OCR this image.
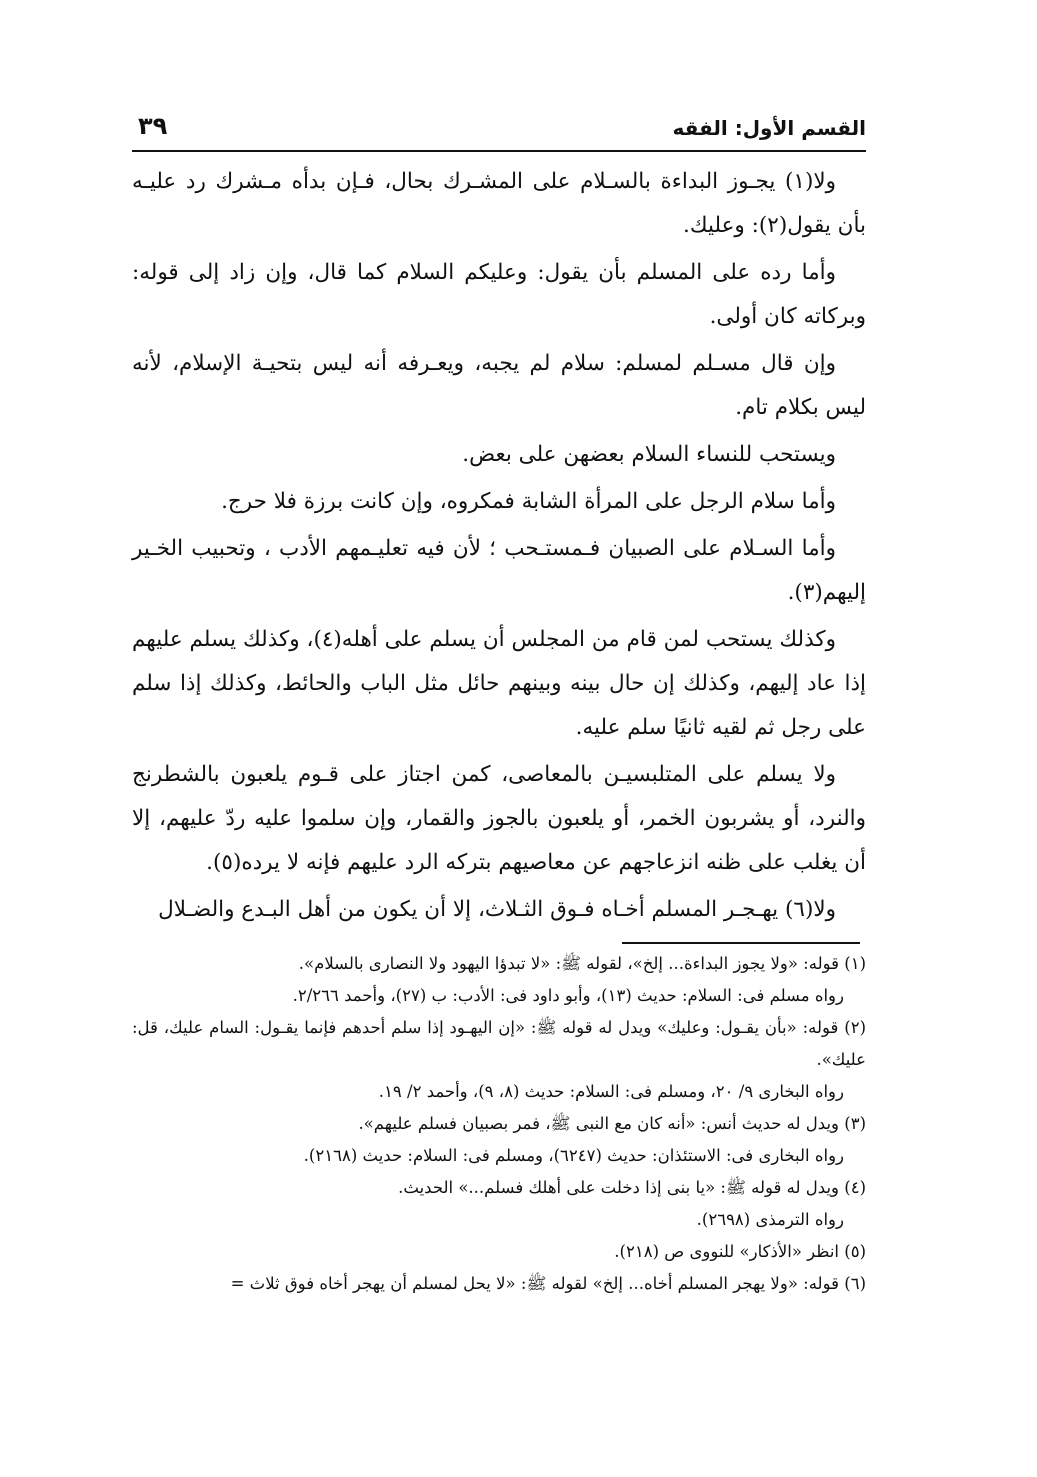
القسم الأول: الفقه
٣٩

ولا(١) يجـوز البداءة بالسـلام على المشـرك بحال، فـإن بدأه مـشرك رد عليـه بأن يقول(٢): وعليك.

وأما رده على المسلم بأن يقول: وعليكم السلام كما قال، وإن زاد إلى قوله: وبركاته كان أولى.

وإن قال مسـلم لمسلم: سلام لم يجبه، ويعـرفه أنه ليس بتحيـة الإسلام، لأنه ليس بكلام تام.

ويستحب للنساء السلام بعضهن على بعض.

وأما سلام الرجل على المرأة الشابة فمكروه، وإن كانت برزة فلا حرج.

وأما السـلام على الصبيان فـمستـحب ؛ لأن فيه تعليـمهم الأدب ، وتحبيب الخـير إليهم(٣).

وكذلك يستحب لمن قام من المجلس أن يسلم على أهله(٤)، وكذلك يسلم عليهم إذا عاد إليهم، وكذلك إن حال بينه وبينهم حائل مثل الباب والحائط، وكذلك إذا سلم على رجل ثم لقيه ثانيًا سلم عليه.

ولا يسلم على المتلبسيـن بالمعاصى، كمن اجتاز على قـوم يلعبون بالشطرنج والنرد، أو يشربون الخمر، أو يلعبون بالجوز والقمار، وإن سلموا عليه ردّ عليهم، إلا أن يغلب على ظنه انزعاجهم عن معاصيهم بتركه الرد عليهم فإنه لا يرده(٥).

ولا(٦) يهـجـر المسلم أخـاه فـوق الثـلاث، إلا أن يكون من أهل البـدع والضـلال

(١) قوله: «ولا يجوز البداءة... إلخ»، لقوله ﷺ: «لا تبدؤا اليهود ولا النصارى بالسلام».

رواه مسلم فى: السلام: حديث (١٣)، وأبو داود فى: الأدب: ب (٢٧)، وأحمد ٢/٢٦٦.

(٢) قوله: «بأن يقـول: وعليك» ويدل له قوله ﷺ: «إن اليهـود إذا سلم أحدهم فإنما يقـول: السام عليك، قل: عليك».

رواه البخارى ٩/ ٢٠، ومسلم فى: السلام: حديث (٨، ٩)، وأحمد ٢/ ١٩.

(٣) ويدل له حديث أنس: «أنه كان مع النبى ﷺ، فمر بصبيان فسلم عليهم».

رواه البخارى فى: الاستئذان: حديث (٦٢٤٧)، ومسلم فى: السلام: حديث (٢١٦٨).

(٤) ويدل له قوله ﷺ: «يا بنى إذا دخلت على أهلك فسلم...» الحديث.

رواه الترمذى (٢٦٩٨).

(٥) انظر «الأذكار» للنووى ص (٢١٨).

(٦) قوله: «ولا يهجر المسلم أخاه... إلخ» لقوله ﷺ: «لا يحل لمسلم أن يهجر أخاه فوق ثلاث =
